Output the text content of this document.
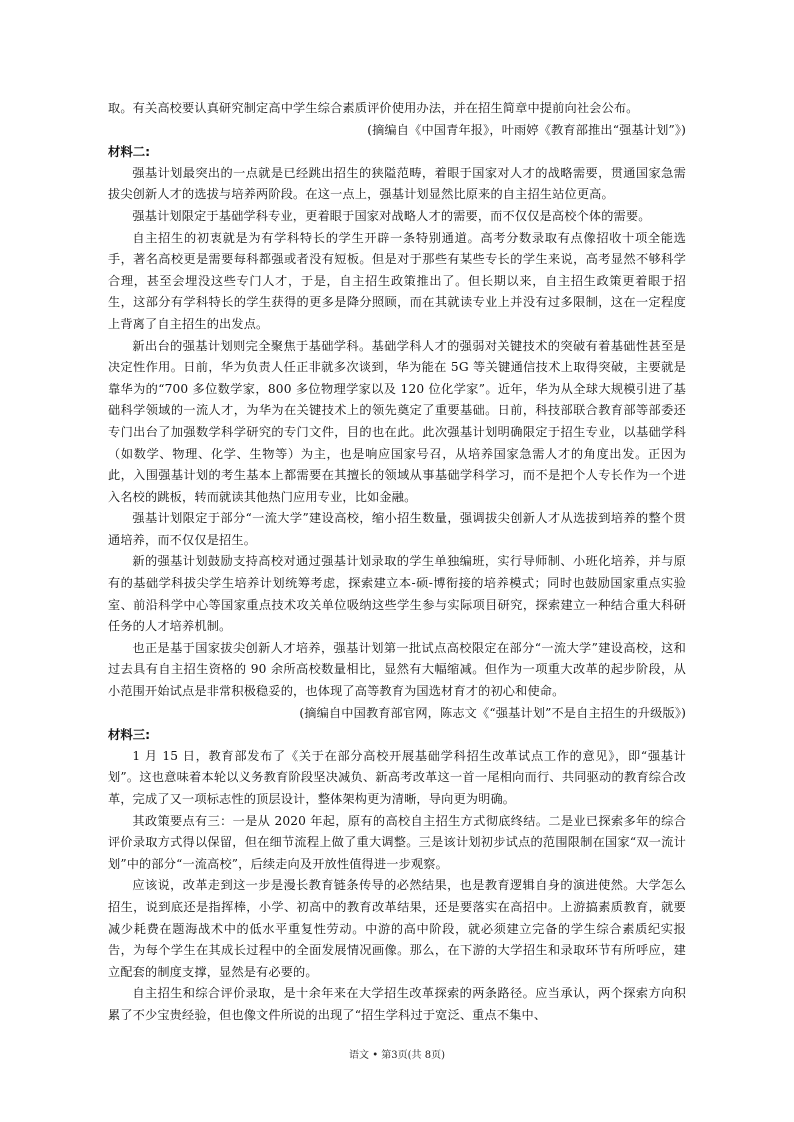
取。有关高校要认真研究制定高中学生综合素质评价使用办法，并在招生简章中提前向社会公布。

(摘编自《中国青年报》，叶雨婷《教育部推出“强基计划”》)

材料二:

强基计划最突出的一点就是已经跳出招生的狭隘范畴，着眼于国家对人才的战略需要，贯通国家急需拔尖创新人才的选拔与培养两阶段。在这一点上，强基计划显然比原来的自主招生站位更高。

强基计划限定于基础学科专业，更着眼于国家对战略人才的需要，而不仅仅是高校个体的需要。

自主招生的初衷就是为有学科特长的学生开辟一条特别通道。高考分数录取有点像招收十项全能选手，著名高校更是需要每科都强或者没有短板。但是对于那些有某些专长的学生来说，高考显然不够科学合理，甚至会埋没这些专门人才，于是，自主招生政策推出了。但长期以来，自主招生政策更着眼于招生，这部分有学科特长的学生获得的更多是降分照顾，而在其就读专业上并没有过多限制，这在一定程度上背离了自主招生的出发点。

新出台的强基计划则完全聚焦于基础学科。基础学科人才的强弱对关键技术的突破有着基础性甚至是决定性作用。日前，华为负责人任正非就多次谈到，华为能在 5G 等关键通信技术上取得突破，主要就是靠华为的“700 多位数学家，800 多位物理学家以及 120 位化学家”。近年，华为从全球大规模引进了基础科学领域的一流人才，为华为在关键技术上的领先奠定了重要基础。日前，科技部联合教育部等部委还专门出台了加强数学科学研究的专门文件，目的也在此。此次强基计划明确限定于招生专业，以基础学科（如数学、物理、化学、生物等）为主，也是响应国家号召，从培养国家急需人才的角度出发。正因为此，入围强基计划的考生基本上都需要在其擅长的领域从事基础学科学习，而不是把个人专长作为一个进入名校的跳板，转而就读其他热门应用专业，比如金融。

强基计划限定于部分“一流大学”建设高校，缩小招生数量，强调拔尖创新人才从选拔到培养的整个贯通培养，而不仅仅是招生。

新的强基计划鼓励支持高校对通过强基计划录取的学生单独编班，实行导师制、小班化培养，并与原有的基础学科拔尖学生培养计划统筹考虑，探索建立本-硕-博衔接的培养模式；同时也鼓励国家重点实验室、前沿科学中心等国家重点技术攻关单位吸纳这些学生参与实际项目研究，探索建立一种结合重大科研任务的人才培养机制。

也正是基于国家拔尖创新人才培养，强基计划第一批试点高校限定在部分“一流大学”建设高校，这和过去具有自主招生资格的 90 余所高校数量相比，显然有大幅缩减。但作为一项重大改革的起步阶段，从小范围开始试点是非常积极稳妥的，也体现了高等教育为国选材育才的初心和使命。

(摘编自中国教育部官网，陈志文《“强基计划”不是自主招生的升级版》)

材料三:

1 月 15 日，教育部发布了《关于在部分高校开展基础学科招生改革试点工作的意见》，即“强基计划”。这也意味着本轮以义务教育阶段坚决减负、新高考改革这一首一尾相向而行、共同驱动的教育综合改革，完成了又一项标志性的顶层设计，整体架构更为清晰，导向更为明确。

其政策要点有三：一是从 2020 年起，原有的高校自主招生方式彻底终结。二是业已探索多年的综合评价录取方式得以保留，但在细节流程上做了重大调整。三是该计划初步试点的范围限制在国家“双一流计划”中的部分“一流高校”，后续走向及开放性值得进一步观察。

应该说，改革走到这一步是漫长教育链条传导的必然结果，也是教育逻辑自身的演进使然。大学怎么招生，说到底还是指挥棒，小学、初高中的教育改革结果，还是要落实在高招中。上游搞素质教育，就要减少耗费在题海战术中的低水平重复性劳动。中游的高中阶段，就必须建立完备的学生综合素质纪实报告，为每个学生在其成长过程中的全面发展情况画像。那么，在下游的大学招生和录取环节有所呼应，建立配套的制度支撑，显然是有必要的。

自主招生和综合评价录取，是十余年来在大学招生改革探索的两条路径。应当承认，两个探索方向积累了不少宝贵经验，但也像文件所说的出现了“招生学科过于宽泛、重点不集中、

语文 • 第3页(共 8页)
